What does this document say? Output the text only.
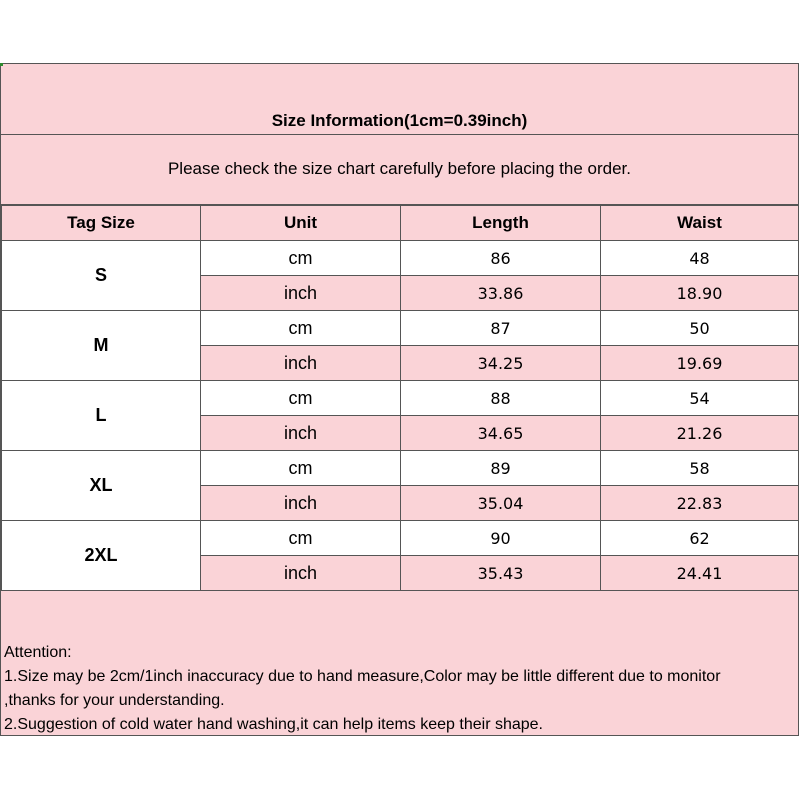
Size Information(1cm=0.39inch)
Please check the size chart carefully before placing the order.
Tag Size	Unit	Length	Waist
S	cm	86	48
	inch	33.86	18.90
M	cm	87	50
	inch	34.25	19.69
L	cm	88	54
	inch	34.65	21.26
XL	cm	89	58
	inch	35.04	22.83
2XL	cm	90	62
	inch	35.43	24.41
Attention:
1.Size may be 2cm/1inch inaccuracy due to hand measure,Color may be little different due to monitor
,thanks for your understanding.
2.Suggestion of cold water hand washing,it can help items keep their shape.
